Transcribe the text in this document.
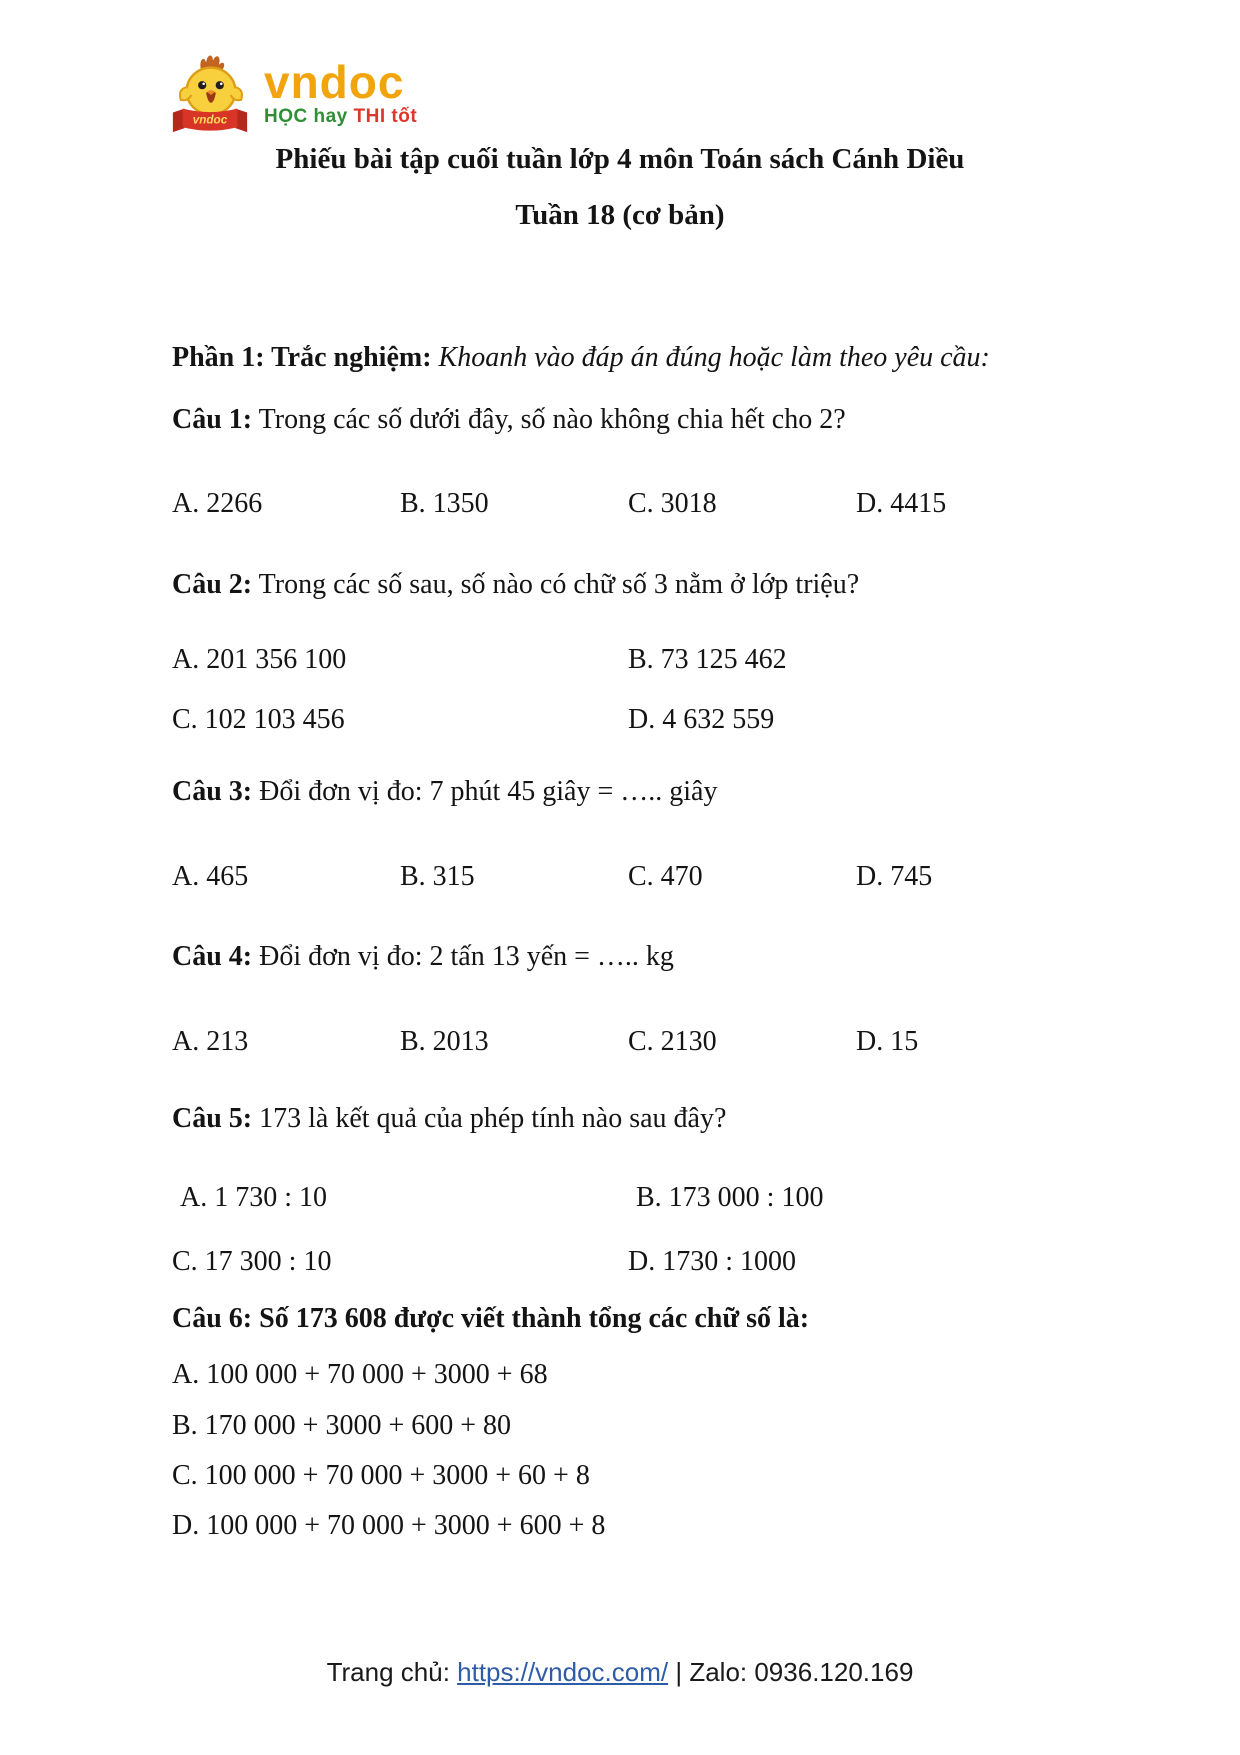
vndoc
vndoc
HỌC hay THI tốt
Phiếu bài tập cuối tuần lớp 4 môn Toán sách Cánh Diều
Tuần 18 (cơ bản)

Phần 1: Trắc nghiệm: Khoanh vào đáp án đúng hoặc làm theo yêu cầu:

Câu 1: Trong các số dưới đây, số nào không chia hết cho 2?

A. 2266	B. 1350	C. 3018	D. 4415

Câu 2: Trong các số sau, số nào có chữ số 3 nằm ở lớp triệu?

A. 201 356 100	B. 73 125 462
C. 102 103 456	D. 4 632 559

Câu 3: Đổi đơn vị đo: 7 phút 45 giây = ….. giây

A. 465	B. 315	C. 470	D. 745

Câu 4: Đổi đơn vị đo: 2 tấn 13 yến = ….. kg

A. 213	B. 2013	C. 2130	D. 15

Câu 5: 173 là kết quả của phép tính nào sau đây?

A. 1 730 : 10	B. 173 000 : 100
C. 17 300 : 10	D. 1730 : 1000

Câu 6: Số 173 608 được viết thành tổng các chữ số là:

A. 100 000 + 70 000 + 3000 + 68

B. 170 000 + 3000 + 600 + 80

C. 100 000 + 70 000 + 3000 + 60 + 8

D. 100 000 + 70 000 + 3000 + 600 + 8

Trang chủ: https://vndoc.com/ | Zalo: 0936.120.169
